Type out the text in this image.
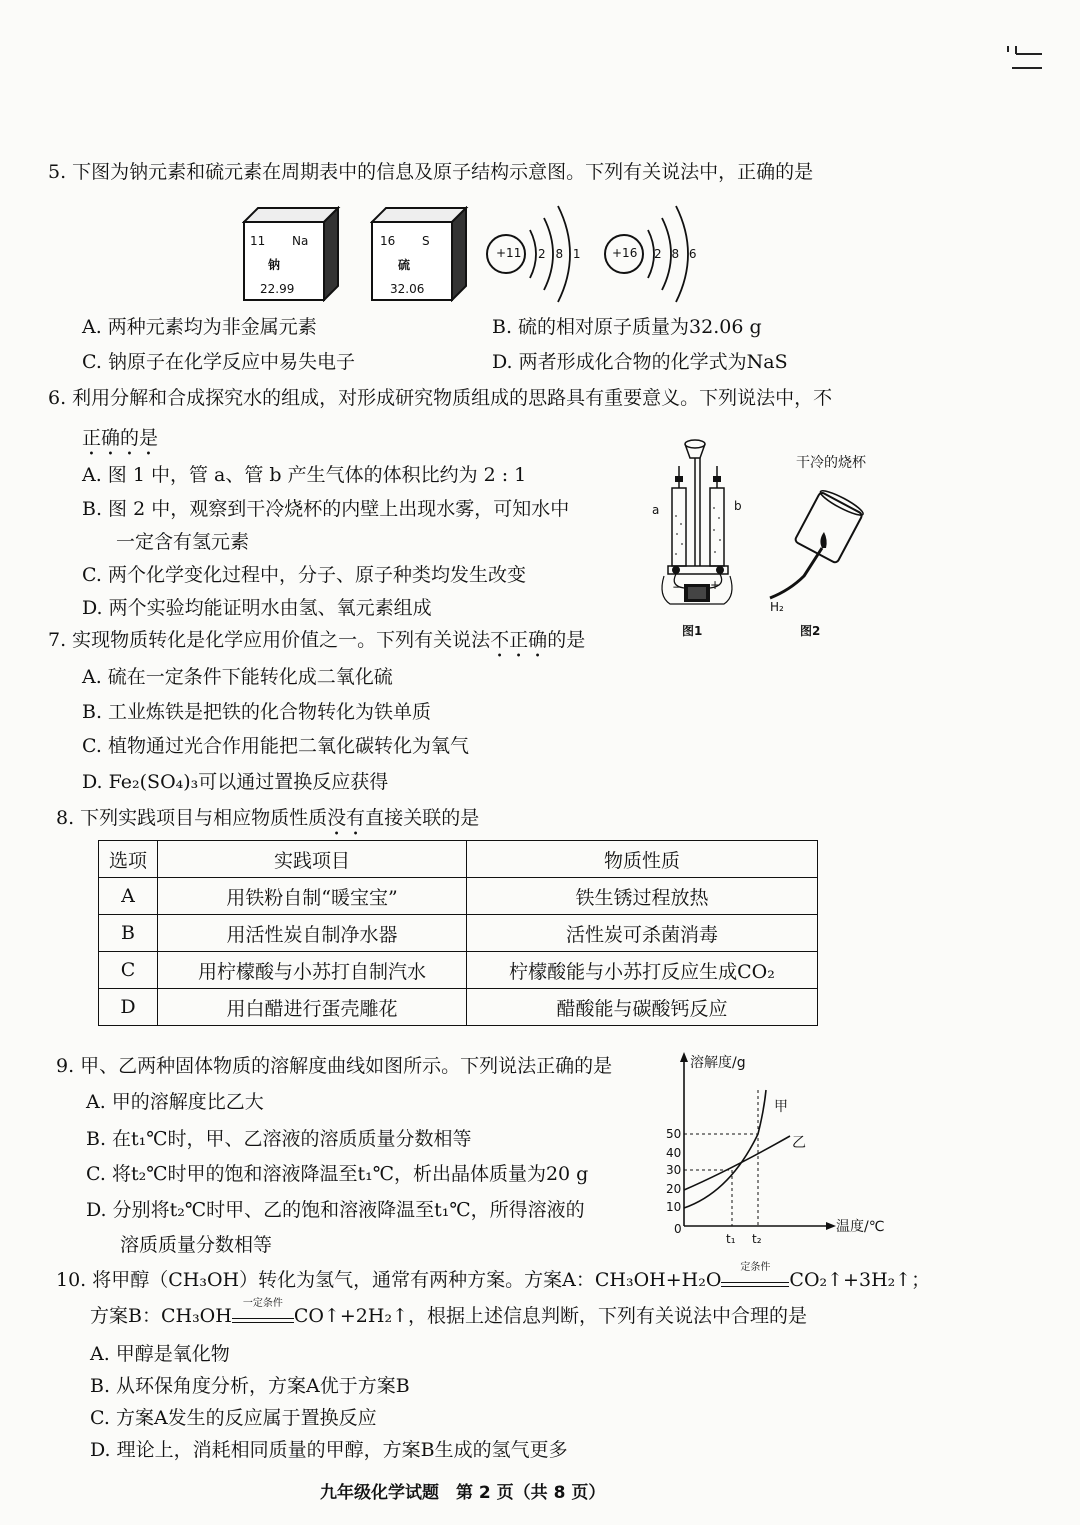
5. 下图为钠元素和硫元素在周期表中的信息及原子结构示意图。下列有关说法中，正确的是
11 Na
钠
22.99
16 S
硫
32.06
+11 2 8 1 +16 2 8 6
A. 两种元素均为非金属元素	B. 硫的相对原子质量为32.06 g
C. 钠原子在化学反应中易失电子	D. 两者形成化合物的化学式为NaS
6. 利用分解和合成探究水的组成，对形成研究物质组成的思路具有重要意义。下列说法中，不
正确的是
A. 图 1 中，管 a、管 b 产生气体的体积比约为 2 : 1
B. 图 2 中，观察到干冷烧杯的内壁上出现水雾，可知水中
一定含有氢元素
C. 两个化学变化过程中，分子、原子种类均发生改变
D. 两个实验均能证明水由氢、氧元素组成
a	b
− +
图1
干冷的烧杯
H₂
图2
7. 实现物质转化是化学应用价值之一。下列有关说法不正确的是
A. 硫在一定条件下能转化成二氧化硫
B. 工业炼铁是把铁的化合物转化为铁单质
C. 植物通过光合作用能把二氧化碳转化为氧气
D. Fe₂(SO₄)₃可以通过置换反应获得
8. 下列实践项目与相应物质性质没有直接关联的是
选项	实践项目	物质性质
A	用铁粉自制“暖宝宝”	铁生锈过程放热
B	用活性炭自制净水器	活性炭可杀菌消毒
C	用柠檬酸与小苏打自制汽水	柠檬酸能与小苏打反应生成CO₂
D	用白醋进行蛋壳雕花	醋酸能与碳酸钙反应
9. 甲、乙两种固体物质的溶解度曲线如图所示。下列说法正确的是
A. 甲的溶解度比乙大
B. 在t₁℃时，甲、乙溶液的溶质质量分数相等
C. 将t₂℃时甲的饱和溶液降温至t₁℃，析出晶体质量为20 g
D. 分别将t₂℃时甲、乙的饱和溶液降温至t₁℃，所得溶液的
溶质质量分数相等
溶解度/g
温度/℃
50
40
30
20
10
0
t₁ t₂
甲
乙
10. 将甲醇（CH₃OH）转化为氢气，通常有两种方案。方案A：CH₃OH+H₂O
定条件
CO₂↑+3H₂↑；
方案B：CH₃OH
一定条件
CO↑+2H₂↑，根据上述信息判断，下列有关说法中合理的是
A. 甲醇是氧化物
B. 从环保角度分析，方案A优于方案B
C. 方案A发生的反应属于置换反应
D. 理论上，消耗相同质量的甲醇，方案B生成的氢气更多
九年级化学试题　第 2 页（共 8 页）
